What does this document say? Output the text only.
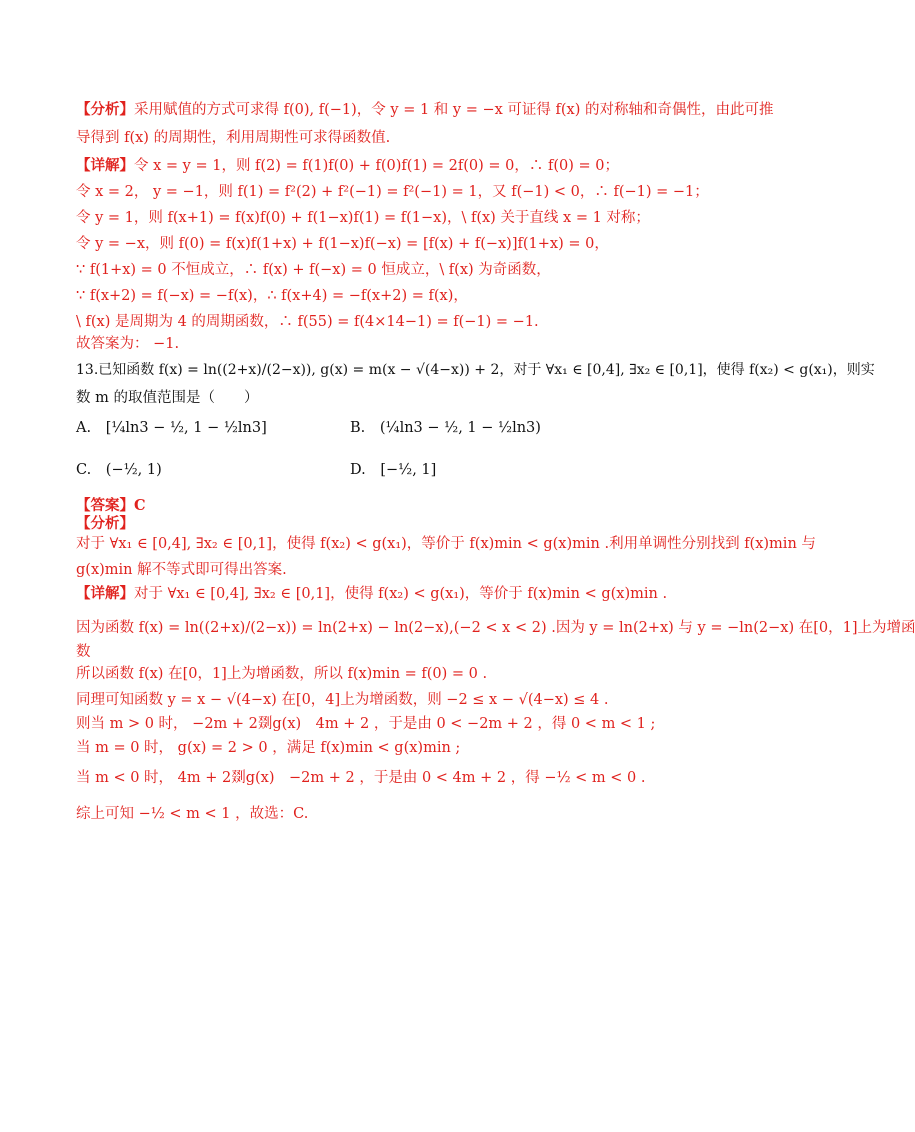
【分析】采用赋值的方式可求得 f(0), f(−1)，令 y = 1 和 y = −x 可证得 f(x) 的对称轴和奇偶性，由此可推
导得到 f(x) 的周期性，利用周期性可求得函数值.
【详解】令 x = y = 1，则 f(2) = f(1)f(0) + f(0)f(1) = 2f(0) = 0，∴ f(0) = 0；
令 x = 2， y = −1，则 f(1) = f²(2) + f²(−1) = f²(−1) = 1，又 f(−1) < 0，∴ f(−1) = −1；
令 y = 1，则 f(x+1) = f(x)f(0) + f(1−x)f(1) = f(1−x)，\ f(x) 关于直线 x = 1 对称；
令 y = −x，则 f(0) = f(x)f(1+x) + f(1−x)f(−x) = [f(x) + f(−x)]f(1+x) = 0，
∵ f(1+x) = 0 不恒成立，∴ f(x) + f(−x) = 0 恒成立，\ f(x) 为奇函数，
∵ f(x+2) = f(−x) = −f(x)，∴ f(x+4) = −f(x+2) = f(x)，
\ f(x) 是周期为 4 的周期函数，∴ f(55) = f(4×14−1) = f(−1) = −1.
故答案为： −1.
13.已知函数 f(x) = ln((2+x)/(2−x)), g(x) = m(x − √(4−x)) + 2，对于 ∀x₁ ∈ [0,4], ∃x₂ ∈ [0,1]，使得 f(x₂) < g(x₁)，则实
数 m 的取值范围是（　　）
A. [¼ln3 − ½, 1 − ½ln3]	B. (¼ln3 − ½, 1 − ½ln3)
C. (−½, 1)	D. [−½, 1]
【答案】C
【分析】
对于 ∀x₁ ∈ [0,4], ∃x₂ ∈ [0,1]，使得 f(x₂) < g(x₁)，等价于 f(x)min < g(x)min .利用单调性分别找到 f(x)min 与
g(x)min 解不等式即可得出答案.
【详解】对于 ∀x₁ ∈ [0,4], ∃x₂ ∈ [0,1]，使得 f(x₂) < g(x₁)，等价于 f(x)min < g(x)min .
因为函数 f(x) = ln((2+x)/(2−x)) = ln(2+x) − ln(2−x),(−2 < x < 2) .因为 y = ln(2+x) 与 y = −ln(2−x) 在[0，1]上为增函
数
所以函数 f(x) 在[0，1]上为增函数，所以 f(x)min = f(0) = 0 .
同理可知函数 y = x − √(4−x) 在[0，4]上为增函数，则 −2 ≤ x − √(4−x) ≤ 4 .
则当 m > 0 时， −2m + 2剟g(x)　4m + 2 ，于是由 0 < −2m + 2 ，得 0 < m < 1 ;
当 m = 0 时， g(x) = 2 > 0 ，满足 f(x)min < g(x)min ;
当 m < 0 时， 4m + 2剟g(x)　−2m + 2 ，于是由 0 < 4m + 2 ，得 −½ < m < 0 .
综上可知 −½ < m < 1 ，故选：C.
